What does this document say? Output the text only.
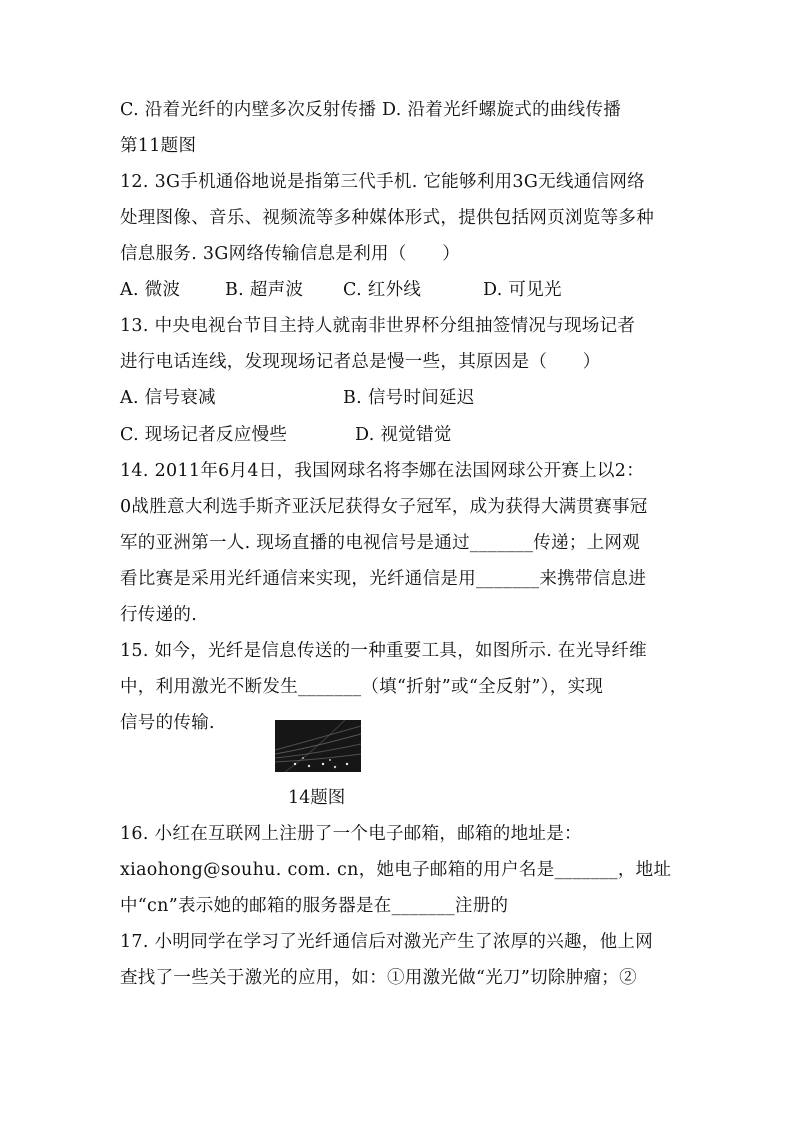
C. 沿着光纤的内壁多次反射传播 D. 沿着光纤螺旋式的曲线传播
第11题图
12. 3G手机通俗地说是指第三代手机. 它能够利用3G无线通信网络
处理图像、音乐、视频流等多种媒体形式，提供包括网页浏览等多种
信息服务. 3G网络传输信息是利用（　　）
A. 微波	B. 超声波 C. 红外线	D. 可见光
13. 中央电视台节目主持人就南非世界杯分组抽签情况与现场记者
进行电话连线，发现现场记者总是慢一些，其原因是（　　）
A. 信号衰减	B. 信号时间延迟
C. 现场记者反应慢些	D. 视觉错觉
14. 2011年6月4日，我国网球名将李娜在法国网球公开赛上以2：
0战胜意大利选手斯齐亚沃尼获得女子冠军，成为获得大满贯赛事冠
军的亚洲第一人. 现场直播的电视信号是通过_______传递；上网观
看比赛是采用光纤通信来实现，光纤通信是用_______来携带信息进
行传递的.
15. 如今，光纤是信息传送的一种重要工具，如图所示. 在光导纤维
中，利用激光不断发生_______（填“折射”或“全反射”），实现
信号的传输.
14题图
16. 小红在互联网上注册了一个电子邮箱，邮箱的地址是：
xiaohong@souhu. com. cn，她电子邮箱的用户名是_______，地址
中“cn”表示她的邮箱的服务器是在_______注册的
17. 小明同学在学习了光纤通信后对激光产生了浓厚的兴趣，他上网
查找了一些关于激光的应用，如：①用激光做“光刀”切除肿瘤；②
